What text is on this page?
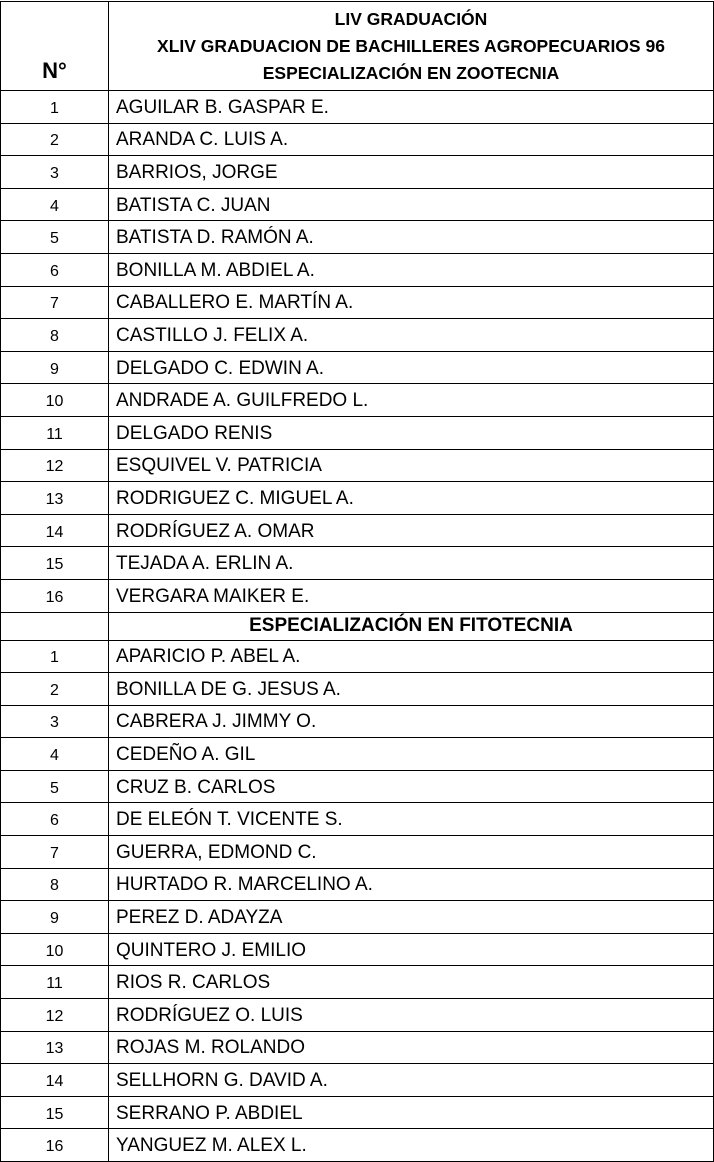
N°	LIV GRADUACIÓN
XLIV GRADUACION DE BACHILLERES AGROPECUARIOS 96
ESPECIALIZACIÓN EN ZOOTECNIA

1	AGUILAR B. GASPAR E.
2	ARANDA C. LUIS A.
3	BARRIOS, JORGE
4	BATISTA C. JUAN
5	BATISTA D. RAMÓN A.
6	BONILLA M. ABDIEL A.
7	CABALLERO E. MARTÍN A.
8	CASTILLO J. FELIX A.
9	DELGADO C. EDWIN A.
10	ANDRADE A. GUILFREDO L.
11	DELGADO RENIS
12	ESQUIVEL V. PATRICIA
13	RODRIGUEZ C. MIGUEL A.
14	RODRÍGUEZ A. OMAR
15	TEJADA A. ERLIN A.
16	VERGARA MAIKER E.
	ESPECIALIZACIÓN EN FITOTECNIA
1	APARICIO P. ABEL A.
2	BONILLA DE G. JESUS A.
3	CABRERA J. JIMMY O.
4	CEDEÑO A. GIL
5	CRUZ B. CARLOS
6	DE ELEÓN T. VICENTE S.
7	GUERRA, EDMOND C.
8	HURTADO R. MARCELINO A.
9	PEREZ D. ADAYZA
10	QUINTERO J. EMILIO
11	RIOS R. CARLOS
12	RODRÍGUEZ O. LUIS
13	ROJAS M. ROLANDO
14	SELLHORN G. DAVID A.
15	SERRANO P. ABDIEL
16	YANGUEZ M. ALEX L.
